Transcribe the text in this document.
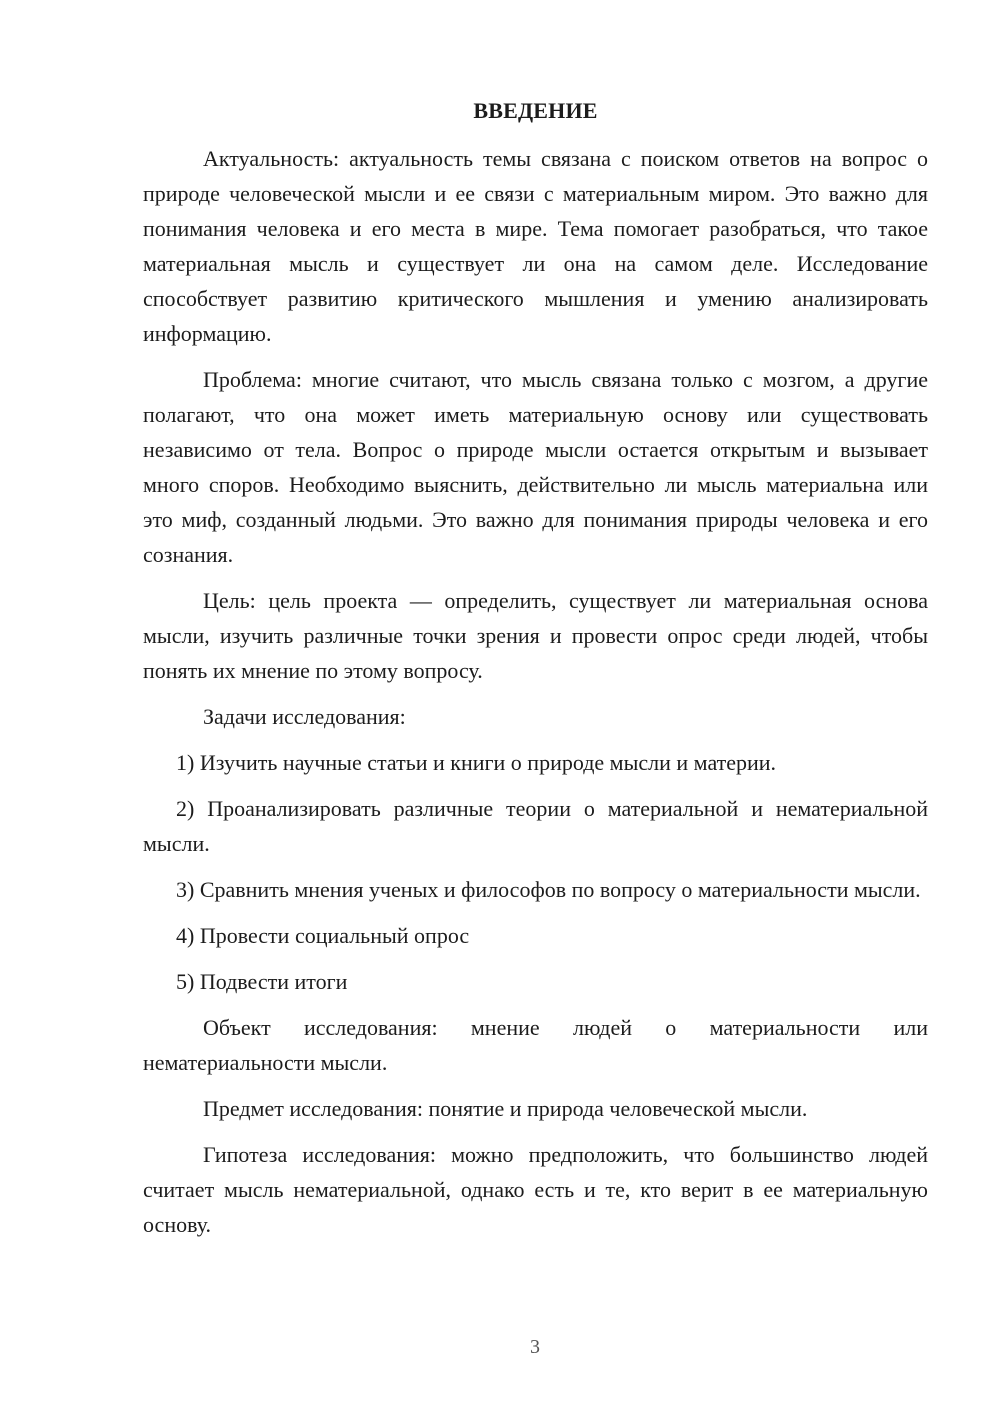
ВВЕДЕНИЕ

Актуальность: актуальность темы связана с поиском ответов на вопрос о природе человеческой мысли и ее связи с материальным миром. Это важно для понимания человека и его места в мире. Тема помогает разобраться, что такое материальная мысль и существует ли она на самом деле. Исследование способствует развитию критического мышления и умению анализировать информацию.

Проблема: многие считают, что мысль связана только с мозгом, а другие полагают, что она может иметь материальную основу или существовать независимо от тела. Вопрос о природе мысли остается открытым и вызывает много споров. Необходимо выяснить, действительно ли мысль материальна или это миф, созданный людьми. Это важно для понимания природы человека и его сознания.

Цель: цель проекта — определить, существует ли материальная основа мысли, изучить различные точки зрения и провести опрос среди людей, чтобы понять их мнение по этому вопросу.

Задачи исследования:

1) Изучить научные статьи и книги о природе мысли и материи.

2) Проанализировать различные теории о материальной и нематериальной мысли.

3) Сравнить мнения ученых и философов по вопросу о материальности мысли.

4) Провести социальный опрос

5) Подвести итоги

Объект исследования: мнение людей о материальности или нематериальности мысли.

Предмет исследования: понятие и природа человеческой мысли.

Гипотеза исследования: можно предположить, что большинство людей считает мысль нематериальной, однако есть и те, кто верит в ее материальную основу.

3
